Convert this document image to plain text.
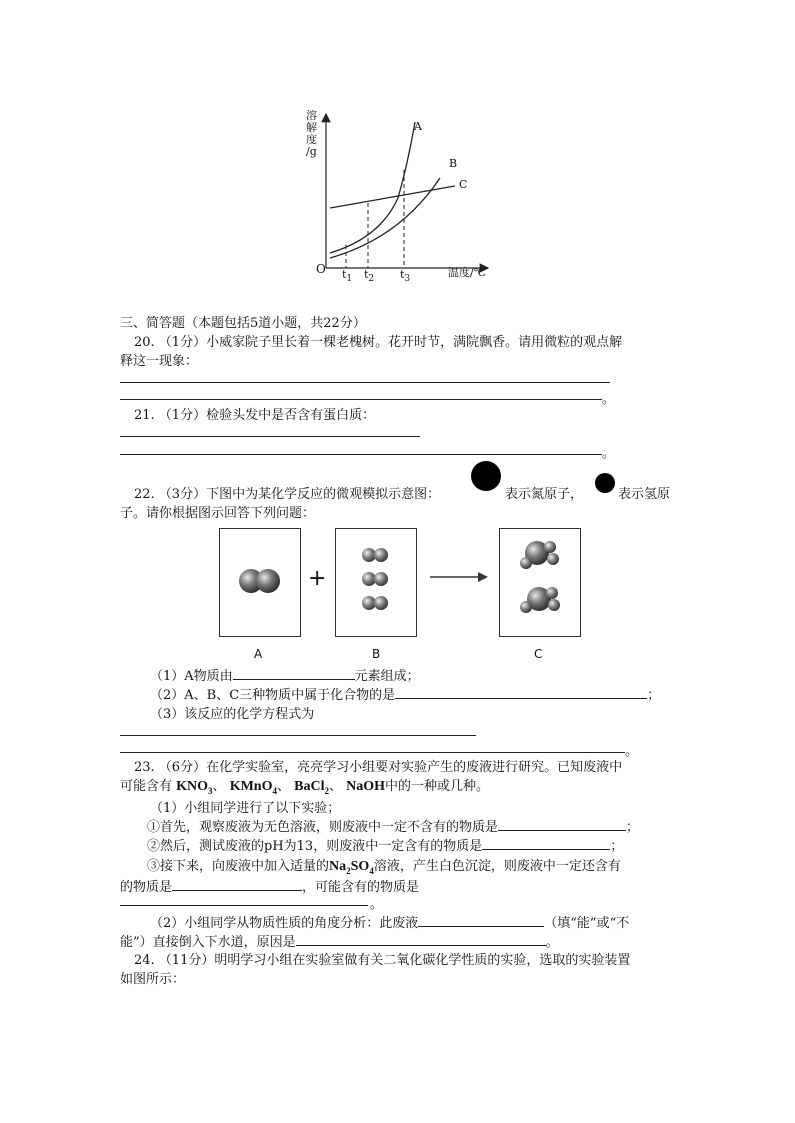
溶
解
度
/g
O	温度/℃
A
B
C
$t_1$ $t_2$ $t_3$
三、简答题（本题包括5道小题，共22分）
20. （1分）小威家院子里长着一棵老槐树。花开时节，满院飘香。请用微粒的观点解
释这一现象：
。
21. （1分）检验头发中是否含有蛋白质：
。
22. （3分）下图中为某化学反应的微观模拟示意图：	表示氮原子，	表示氢原
子。请你根据图示回答下列问题：
+
A	B	C
（1）A物质由	元素组成；
（2）A、B、C三种物质中属于化合物的是	；
（3）该反应的化学方程式为
。
23. （6分）在化学实验室，亮亮学习小组要对实验产生的废液进行研究。已知废液中
可能含有 $KNO_3$、 KMnO$_4$、 BaCl$_2$、 NaOH中的一种或几种。
（1）小组同学进行了以下实验；
①首先，观察废液为无色溶液，则废液中一定不含有的物质是	；
②然后，测试废液的pH为13，则废液中一定含有的物质是	；
③接下来，向废液中加入适量的$Na_2SO_4$溶液，产生白色沉淀，则废液中一定还含有
的物质是	，可能含有的物质是
。
（2）小组同学从物质性质的角度分析：此废液	（填“能”或“不
能”）直接倒入下水道，原因是	。
24. （11分）明明学习小组在实验室做有关二氧化碳化学性质的实验，选取的实验装置
如图所示：
